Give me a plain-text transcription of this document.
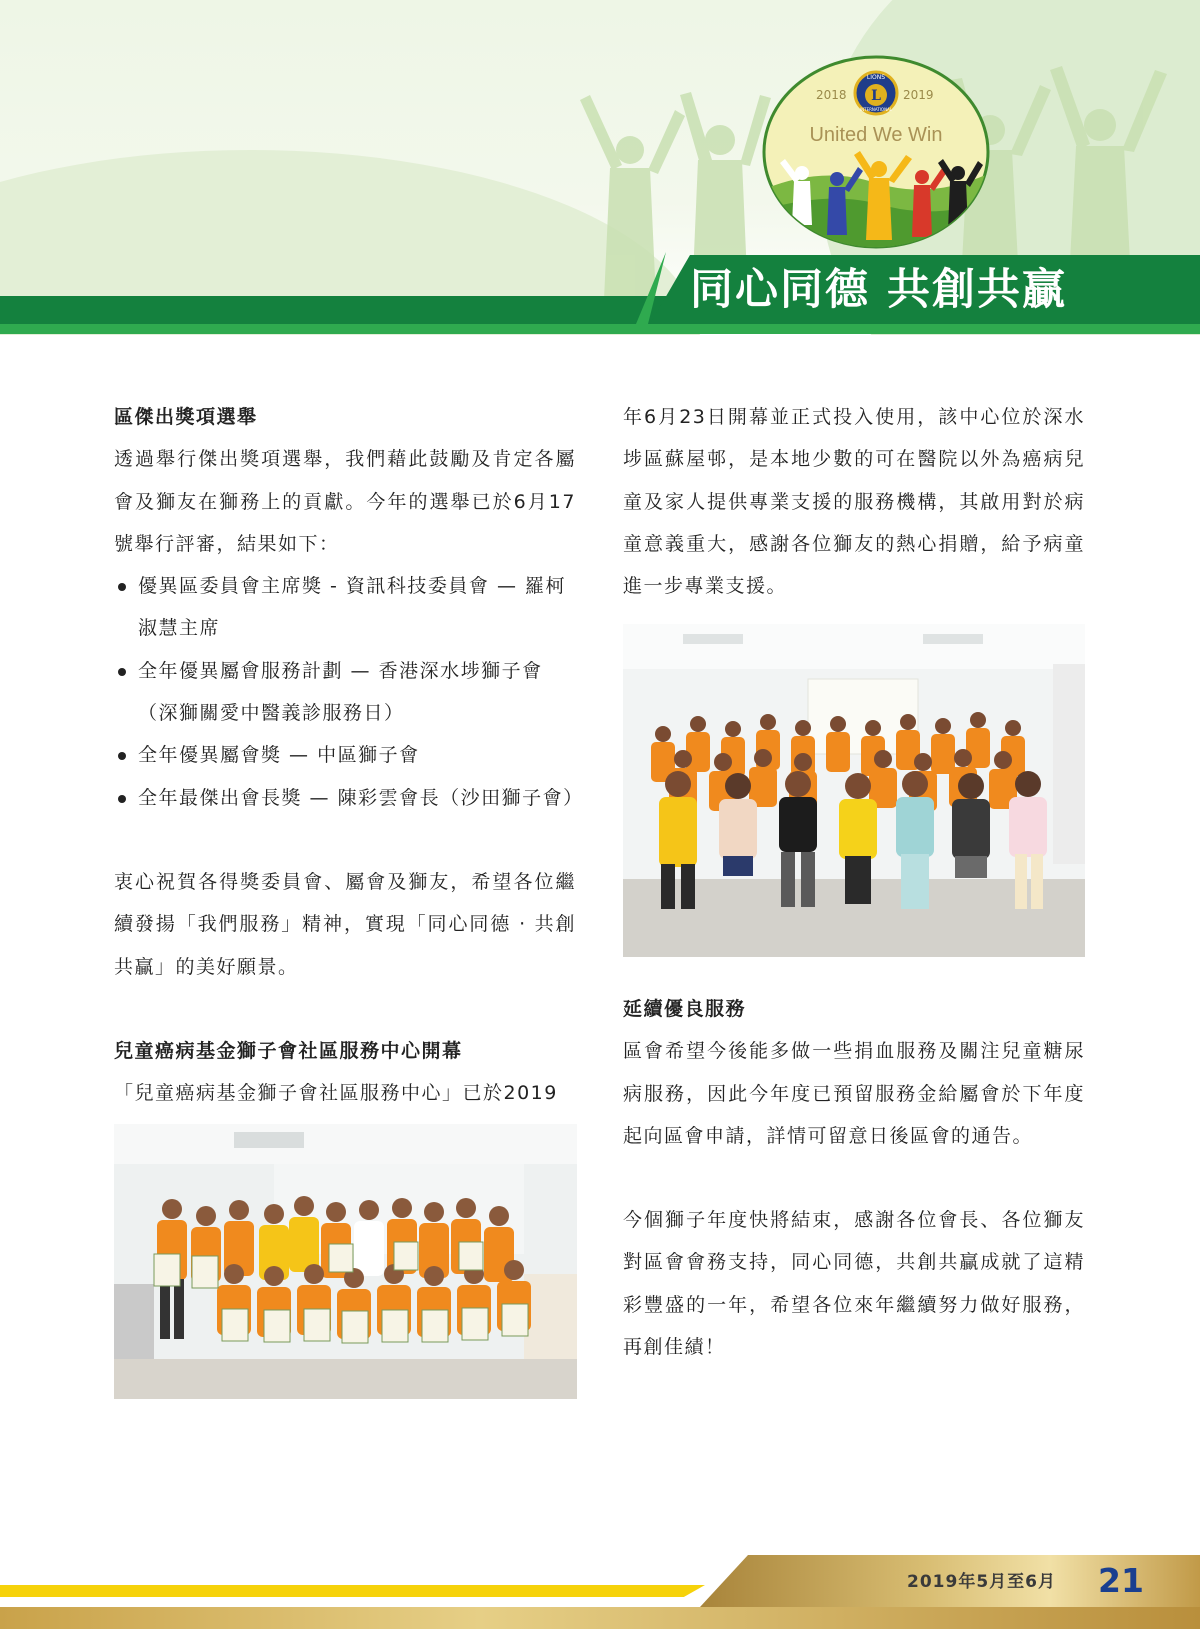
2018	2019
LIONS
L
INTERNATIONAL
United We Win
同心同德 共創共贏
區傑出獎項選舉
透過舉行傑出獎項選舉，我們藉此鼓勵及肯定各屬會及獅友在獅務上的貢獻。今年的選舉已於6月17號舉行評審，結果如下：
優異區委員會主席獎 - 資訊科技委員會 — 羅柯淑慧主席
全年優異屬會服務計劃 — 香港深水埗獅子會（深獅關愛中醫義診服務日）
全年優異屬會獎 — 中區獅子會
全年最傑出會長獎 — 陳彩雲會長（沙田獅子會）
衷心祝賀各得獎委員會、屬會及獅友，希望各位繼續發揚「我們服務」精神，實現「同心同德 · 共創共贏」的美好願景。
兒童癌病基金獅子會社區服務中心開幕
「兒童癌病基金獅子會社區服務中心」已於2019
年6月23日開幕並正式投入使用，該中心位於深水埗區蘇屋邨，是本地少數的可在醫院以外為癌病兒童及家人提供專業支援的服務機構，其啟用對於病童意義重大，感謝各位獅友的熱心捐贈，給予病童進一步專業支援。
延續優良服務
區會希望今後能多做一些捐血服務及關注兒童糖尿病服務，因此今年度已預留服務金給屬會於下年度起向區會申請，詳情可留意日後區會的通告。
今個獅子年度快將結束，感謝各位會長、各位獅友對區會會務支持，同心同德，共創共贏成就了這精彩豐盛的一年，希望各位來年繼續努力做好服務，再創佳績！
2019年5月至6月 21
